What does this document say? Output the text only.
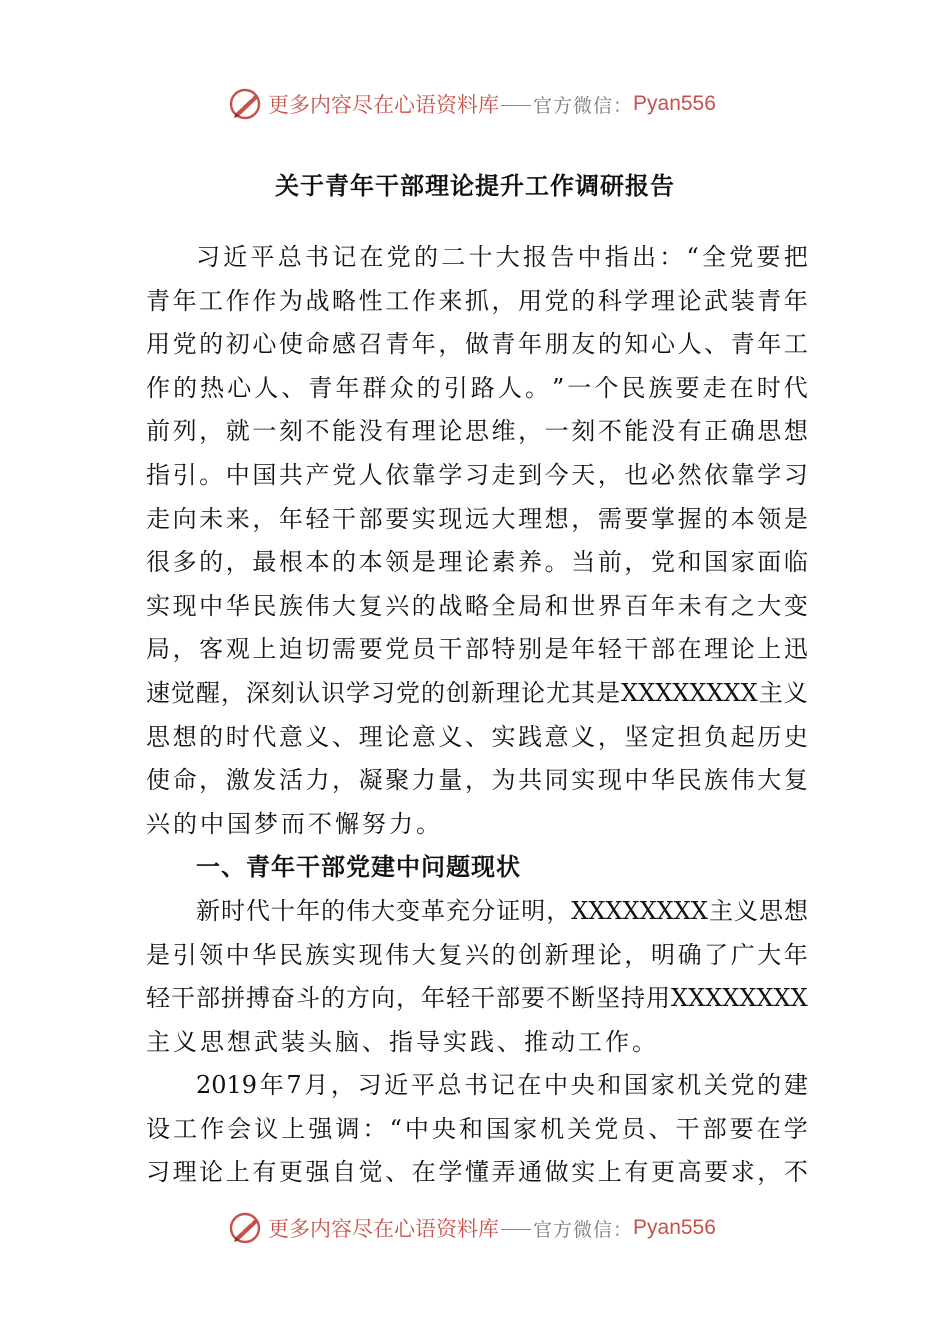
更多内容尽在心语资料库 官方微信： Pyan556
关于青年干部理论提升工作调研报告
习 近 平 总 书 记 在 党 的 二 十 大 报 告 中 指 出 ： “ 全 党 要 把
青 年 工 作 作 为 战 略 性 工 作 来 抓 ， 用 党 的 科 学 理 论 武 装 青 年
用 党 的 初 心 使 命 感 召 青 年 ， 做 青 年 朋 友 的 知 心 人 、 青 年 工
作 的 热 心 人 、 青 年 群 众 的 引 路 人 。 ” 一 个 民 族 要 走 在 时 代
前 列 ， 就 一 刻 不 能 没 有 理 论 思 维 ， 一 刻 不 能 没 有 正 确 思 想
指 引 。 中 国 共 产 党 人 依 靠 学 习 走 到 今 天 ， 也 必 然 依 靠 学 习
走 向 未 来 ， 年 轻 干 部 要 实 现 远 大 理 想 ， 需 要 掌 握 的 本 领 是
很 多 的 ， 最 根 本 的 本 领 是 理 论 素 养 。 当 前 ， 党 和 国 家 面 临
实 现 中 华 民 族 伟 大 复 兴 的 战 略 全 局 和 世 界 百 年 未 有 之 大 变
局 ， 客 观 上 迫 切 需 要 党 员 干 部 特 别 是 年 轻 干 部 在 理 论 上 迅
速 觉 醒 ， 深 刻 认 识 学 习 党 的 创 新 理 论 尤 其 是 XXXXXXXX 主 义
思 想 的 时 代 意 义 、 理 论 意 义 、 实 践 意 义 ， 坚 定 担 负 起 历 史
使 命 ， 激 发 活 力 ， 凝 聚 力 量 ， 为 共 同 实 现 中 华 民 族 伟 大 复
兴的中国梦而不懈努力。
一、青年干部党建中问题现状
新 时 代 十 年 的 伟 大 变 革 充 分 证 明 ， XXXXXXXX 主 义 思 想
是 引 领 中 华 民 族 实 现 伟 大 复 兴 的 创 新 理 论 ， 明 确 了 广 大 年
轻 干 部 拼 搏 奋 斗 的 方 向 ， 年 轻 干 部 要 不 断 坚 持 用 XXXXXXXX
主义思想武装头脑、指导实践、推动工作。
2019 年 7 月 ， 习 近 平 总 书 记 在 中 央 和 国 家 机 关 党 的 建
设 工 作 会 议 上 强 调 ： “ 中 央 和 国 家 机 关 党 员 、 干 部 要 在 学
习 理 论 上 有 更 强 自 觉 、 在 学 懂 弄 通 做 实 上 有 更 高 要 求 ， 不
更多内容尽在心语资料库 官方微信： Pyan556
